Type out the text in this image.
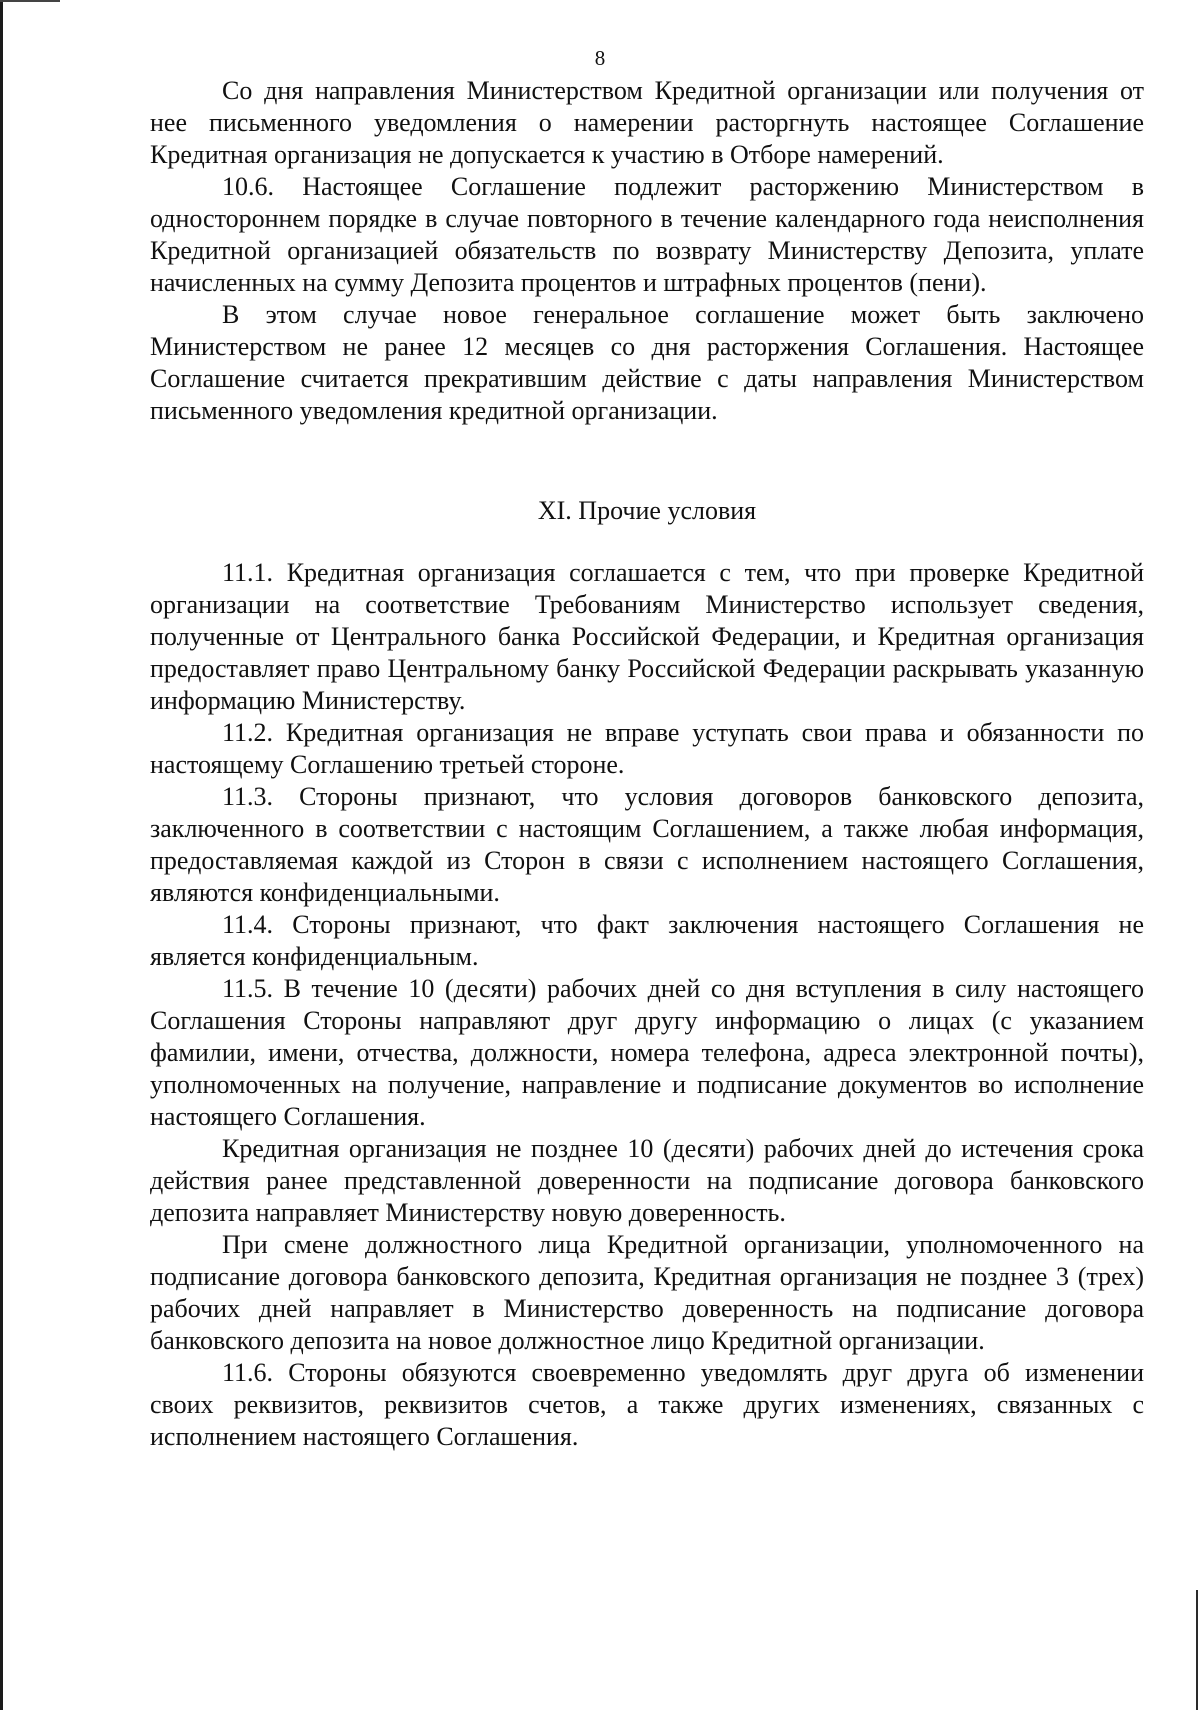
8

Со дня направления Министерством Кредитной организации или получения от нее письменного уведомления о намерении расторгнуть настоящее Соглашение Кредитная организация не допускается к участию в Отборе намерений.

10.6. Настоящее Соглашение подлежит расторжению Министерством в одностороннем порядке в случае повторного в течение календарного года неисполнения Кредитной организацией обязательств по возврату Министерству Депозита, уплате начисленных на сумму Депозита процентов и штрафных процентов (пени).

В этом случае новое генеральное соглашение может быть заключено Министерством не ранее 12 месяцев со дня расторжения Соглашения. Настоящее Соглашение считается прекратившим действие с даты направления Министерством письменного уведомления кредитной организации.

XI. Прочие условия

11.1. Кредитная организация соглашается с тем, что при проверке Кредитной организации на соответствие Требованиям Министерство использует сведения, полученные от Центрального банка Российской Федерации, и Кредитная организация предоставляет право Центральному банку Российской Федерации раскрывать указанную информацию Министерству.

11.2. Кредитная организация не вправе уступать свои права и обязанности по настоящему Соглашению третьей стороне.

11.3. Стороны признают, что условия договоров банковского депозита, заключенного в соответствии с настоящим Соглашением, а также любая информация, предоставляемая каждой из Сторон в связи с исполнением настоящего Соглашения, являются конфиденциальными.

11.4. Стороны признают, что факт заключения настоящего Соглашения не является конфиденциальным.

11.5. В течение 10 (десяти) рабочих дней со дня вступления в силу настоящего Соглашения Стороны направляют друг другу информацию о лицах (с указанием фамилии, имени, отчества, должности, номера телефона, адреса электронной почты), уполномоченных на получение, направление и подписание документов во исполнение настоящего Соглашения.

Кредитная организация не позднее 10 (десяти) рабочих дней до истечения срока действия ранее представленной доверенности на подписание договора банковского депозита направляет Министерству новую доверенность.

При смене должностного лица Кредитной организации, уполномоченного на подписание договора банковского депозита, Кредитная организация не позднее 3 (трех) рабочих дней направляет в Министерство доверенность на подписание договора банковского депозита на новое должностное лицо Кредитной организации.

11.6. Стороны обязуются своевременно уведомлять друг друга об изменении своих реквизитов, реквизитов счетов, а также других изменениях, связанных с исполнением настоящего Соглашения.
